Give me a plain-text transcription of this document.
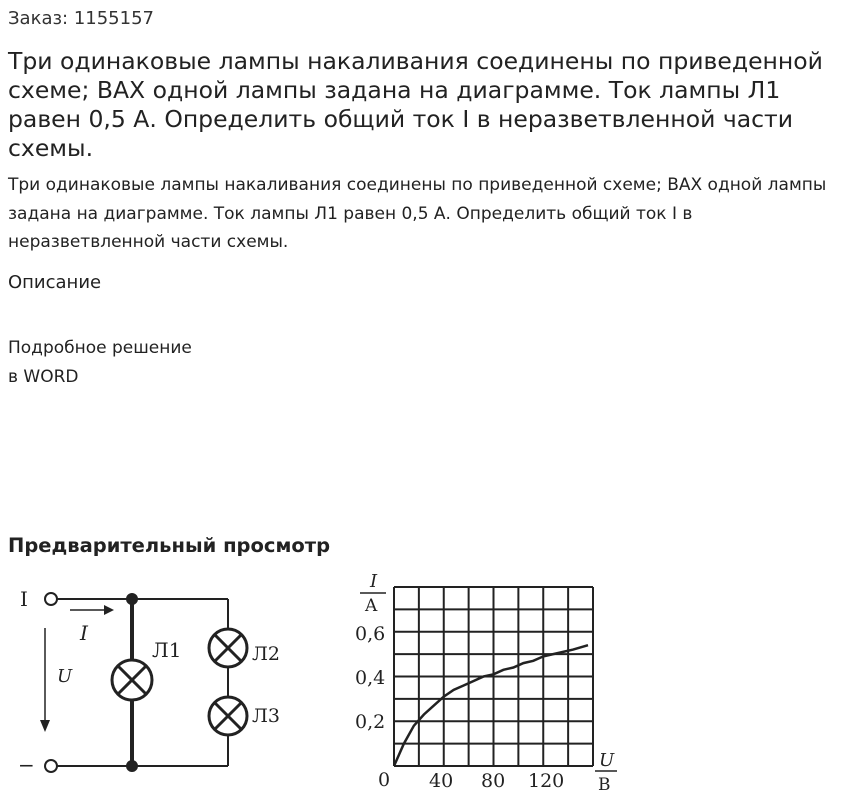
Заказ: 1155157

Три одинаковые лампы накаливания соединены по приведенной схеме; ВАХ одной лампы задана на диаграмме. Ток лампы Л1 равен 0,5 А. Определить общий ток I в неразветвленной части схемы.

Три одинаковые лампы накаливания соединены по приведенной схеме; ВАХ одной лампы задана на диаграмме. Ток лампы Л1 равен 0,5 А. Определить общий ток I в неразветвленной части схемы.

Описание

Подробное решение
в WORD

Предварительный просмотр
I
−
I
U
Л1	Л2
Л3
I
A
0,6
0,4
0,2
0 40 80 120
U
В
